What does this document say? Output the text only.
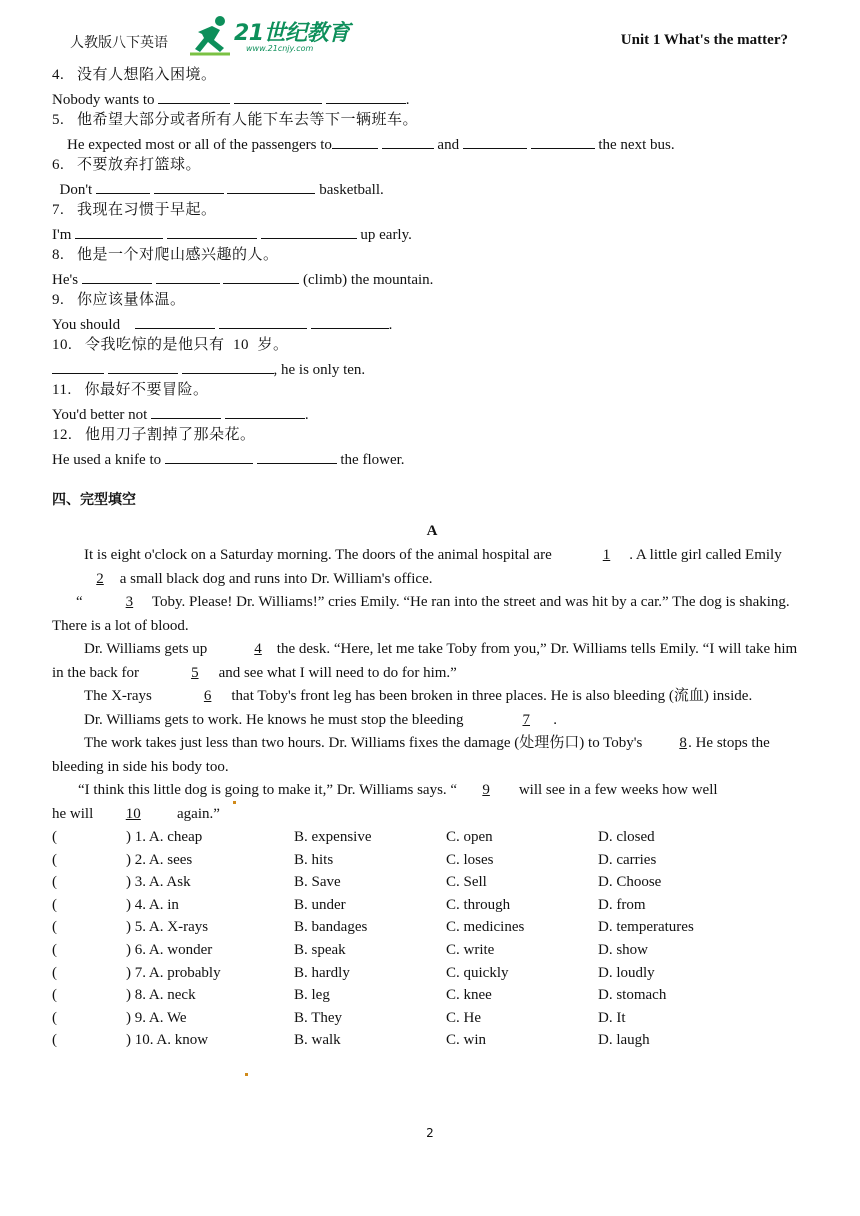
人教版八下英语	21世纪教育
www.21cnjy.com
Unit 1 What's the matter?
4.   没有人想陷入困境。
Nobody wants to	.
5.   他希望大部分或者所有人能下车去等下一辆班车。
He expected most or all of the passengers to	and	the next bus.
6.   不要放弃打篮球。
Don't	basketball.
7.   我现在习惯于早起。
I'm	up early.
8.   他是一个对爬山感兴趣的人。
He's	(climb) the mountain.
9.   你应该量体温。
You should	.
10.   令我吃惊的是他只有  10  岁。
, he is only ten.
11.   你最好不要冒险。
You'd better not	.
12.   他用刀子割掉了那朵花。
He used a knife to	the flower.
四、完型填空
A
It is eight o'clock on a Saturday morning. The doors of the animal hospital are	1 . A little girl called Emily 2 a small black dog and runs into Dr. William's office.
“	3 Toby. Please! Dr. Williams!” cries Emily. “He ran into the street and was hit by a car.” The dog is shaking. There is a lot of blood.
Dr. Williams gets up	4 the desk. “Here, let me take Toby from you,” Dr. Williams tells Emily. “I will take him in the back for	5 and see what I will need to do for him.”
The X-rays	6 that Toby's front leg has been broken in three places. He is also bleeding (流血) inside.
Dr. Williams gets to work. He knows he must stop the bleeding	7 .
The work takes just less than two hours. Dr. Williams fixes the damage (处理伤口) to Toby's 8. He stops the bleeding in side his body too.
“I think this little dog is going to make it,” Dr. Williams says. “ 9 will see in a few weeks how well
he will 10 again.”
(	) 1. A. cheap	B. expensive	C. open	D. closed
(	) 2. A. sees	B. hits	C. loses	D. carries
(	) 3. A. Ask	B. Save	C. Sell	D. Choose
(	) 4. A. in	B. under	C. through	D. from
(	) 5. A. X-rays	B. bandages	C. medicines	D. temperatures
(	) 6. A. wonder	B. speak	C. write	D. show
(	) 7. A. probably	B. hardly	C. quickly	D. loudly
(	) 8. A. neck	B. leg	C. knee	D. stomach
(	) 9. A. We	B. They	C. He	D. It
(	) 10. A. know	B. walk	C. win	D. laugh
2
